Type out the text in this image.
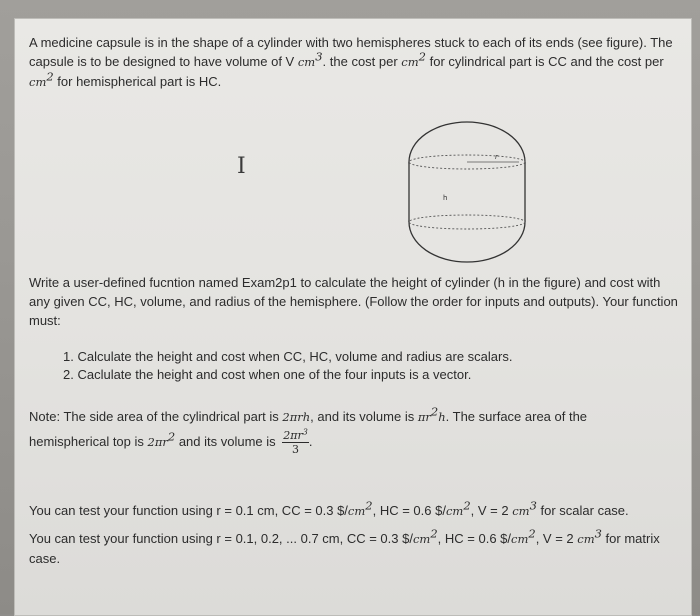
A medicine capsule is in the shape of a cylinder with two hemispheres stuck to each of its ends (see figure). The capsule is to be designed to have volume of V $cm^3$. the cost per $cm^2$ for cylindrical part is CC and the cost per $cm^2$ for hemispherical part is HC.

I	r
h

Write a user-defined fucntion named Exam2p1 to calculate the height of cylinder (h in the figure) and cost with any given CC, HC, volume, and radius of the hemisphere. (Follow the order for inputs and outputs). Your function must:

1. Calculate the height and cost when CC, HC, volume and radius are scalars.
2. Caclulate the height and cost when one of the four inputs is a vector.

Note: The side area of the cylindrical part is 2πrh, and its volume is $\pi r^2h$. The surface area of the

hemispherical top is $2\pi r^2$ and its volume is $\frac{2\pi r^3}{3}$ .

You can test your function using r = 0.1 cm, CC = 0.3 $\$/cm^2$, HC = 0.6 $\$/cm^2$, V = 2 $cm^3$ for scalar case.

You can test your function using r = 0.1, 0.2, ... 0.7 cm, CC = 0.3 $\$/cm^2$, HC = 0.6 $\$/cm^2$, V = 2 $cm^3$ for matrix case.
